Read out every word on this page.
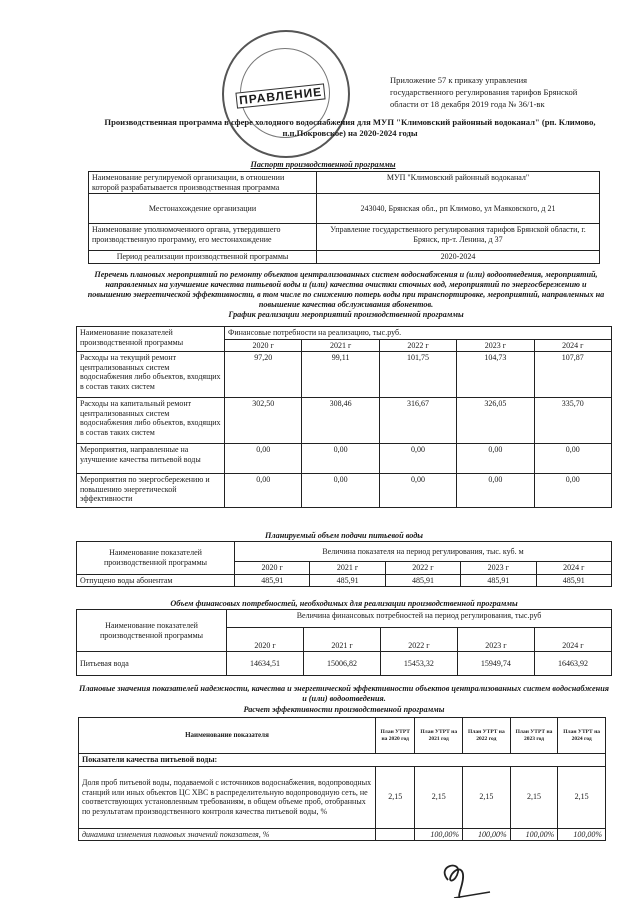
ПРАВЛЕНИЕ
Приложение 57 к приказу управления
государственного регулирования тарифов Брянской
области от 18 декабря 2019 года № 36/1-вк
Производственная программа в сфере холодного водоснабжения для МУП "Климовский районный водоканал" (рп. Климово, п.п.Покровское) на 2020-2024 годы
Паспорт производственной программы
Наименование регулируемой организации, в отношении которой разрабатывается производственная программа	МУП "Климовский районный водоканал"
Местонахождение организации	243040, Брянская обл., рп Климово, ул Маяковского, д 21
Наименование уполномоченного органа, утвердившего производственную программу, его местонахождение	Управление государственного регулирования тарифов Брянской области, г. Брянск, пр-т. Ленина, д 37
Период реализации производственной программы	2020-2024
Перечень плановых мероприятий по ремонту объектов централизованных систем водоснабжения и (или) водоотведения, мероприятий, направленных на улучшение качества питьевой воды и (или) качества очистки сточных вод, мероприятий по энергосбережению и повышению энергетической эффективности, в том числе по снижению потерь воды при транспортировке, мероприятий, направленных на повышение качества обслуживания абонентов.
График реализации мероприятий производственной программы
Наименование показателей производственной программы	Финансовые потребности на реализацию, тыс.руб.				
	2020 г	2021 г	2022 г	2023 г	2024 г
Расходы на текущий ремонт централизованных систем водоснабжения либо объектов, входящих в состав таких систем	97,20	99,11	101,75	104,73	107,87
Расходы на капитальный ремонт централизованных систем водоснабжения либо объектов, входящих в состав таких систем	302,50	308,46	316,67	326,05	335,70
Мероприятия, направленные на улучшение качества питьевой воды	0,00	0,00	0,00	0,00	0,00
Мероприятия по энергосбережению и повышению энергетической эффективности	0,00	0,00	0,00	0,00	0,00
Планируемый объем подачи питьевой воды
Наименование показателей производственной программы	Величина показателя на период регулирования, тыс. куб. м				
	2020 г	2021 г	2022 г	2023 г	2024 г
Отпущено воды абонентам	485,91	485,91	485,91	485,91	485,91
Объем финансовых потребностей, необходимых для реализации производственной программы
Наименование показателей производственной программы	Величина финансовых потребностей на период регулирования, тыс.руб				
	2020 г	2021 г	2022 г	2023 г	2024 г
Питьевая вода	14634,51	15006,82	15453,32	15949,74	16463,92
Плановые значения показателей надежности, качества и энергетической эффективности объектов централизованных систем водоснабжения и (или) водоотведения.
Расчет эффективности производственной программы
Наименование показателя	План УТРТ на 2020 год	План УТРТ на 2021 год	План УТРТ на 2022 год	План УТРТ на 2023 год	План УТРТ на 2024 год
Показатели качества питьевой воды:					
Доля проб питьевой воды, подаваемой с источников водоснабжения, водопроводных станций или иных объектов ЦС ХВС в распределительную водопроводную сеть, не соответствующих установленным требованиям, в общем объеме проб, отобранных по результатам производственного контроля качества питьевой воды, %	2,15	2,15	2,15	2,15	2,15
динамика изменения плановых значений показателя, %		100,00%	100,00%	100,00%	100,00%
